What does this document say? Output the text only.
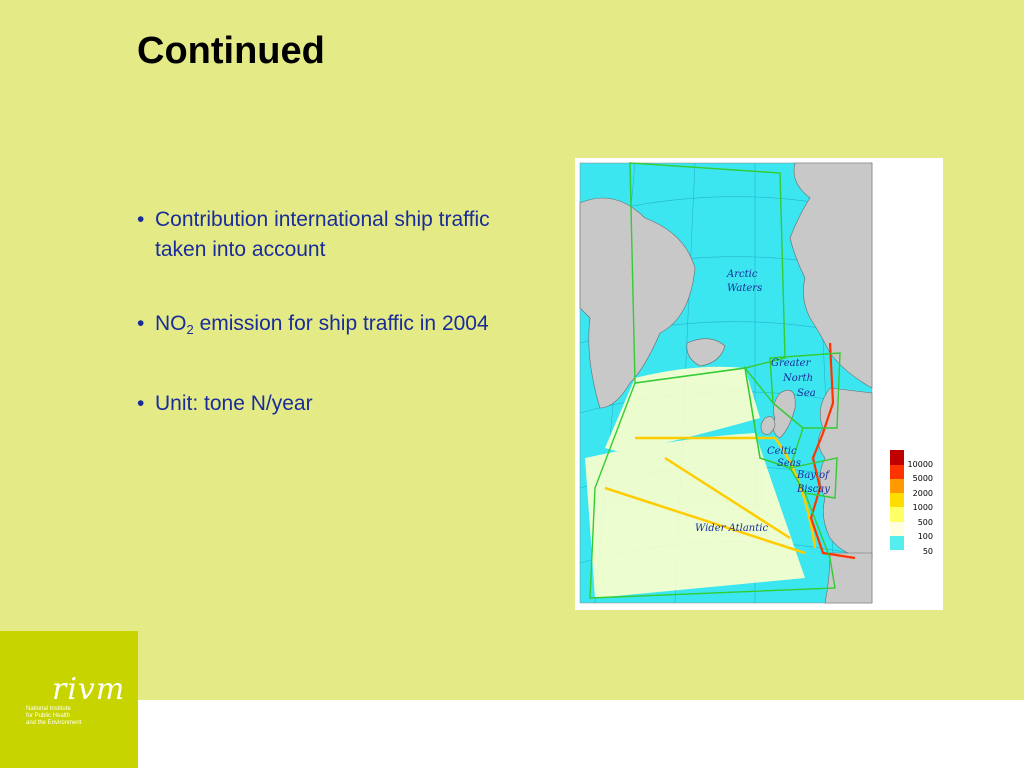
Continued
• Contribution international ship traffic taken into account
• $NO_2$ emission for ship traffic in 2004
• Unit: tone N/year
Arctic
Waters
Greater
North
Sea
Celtic
Seas
Bay of
Biscay
Wider Atlantic
10000
5000
2000
1000
500
100
50
rivm
National Institute
for Public Health
and the Environment
